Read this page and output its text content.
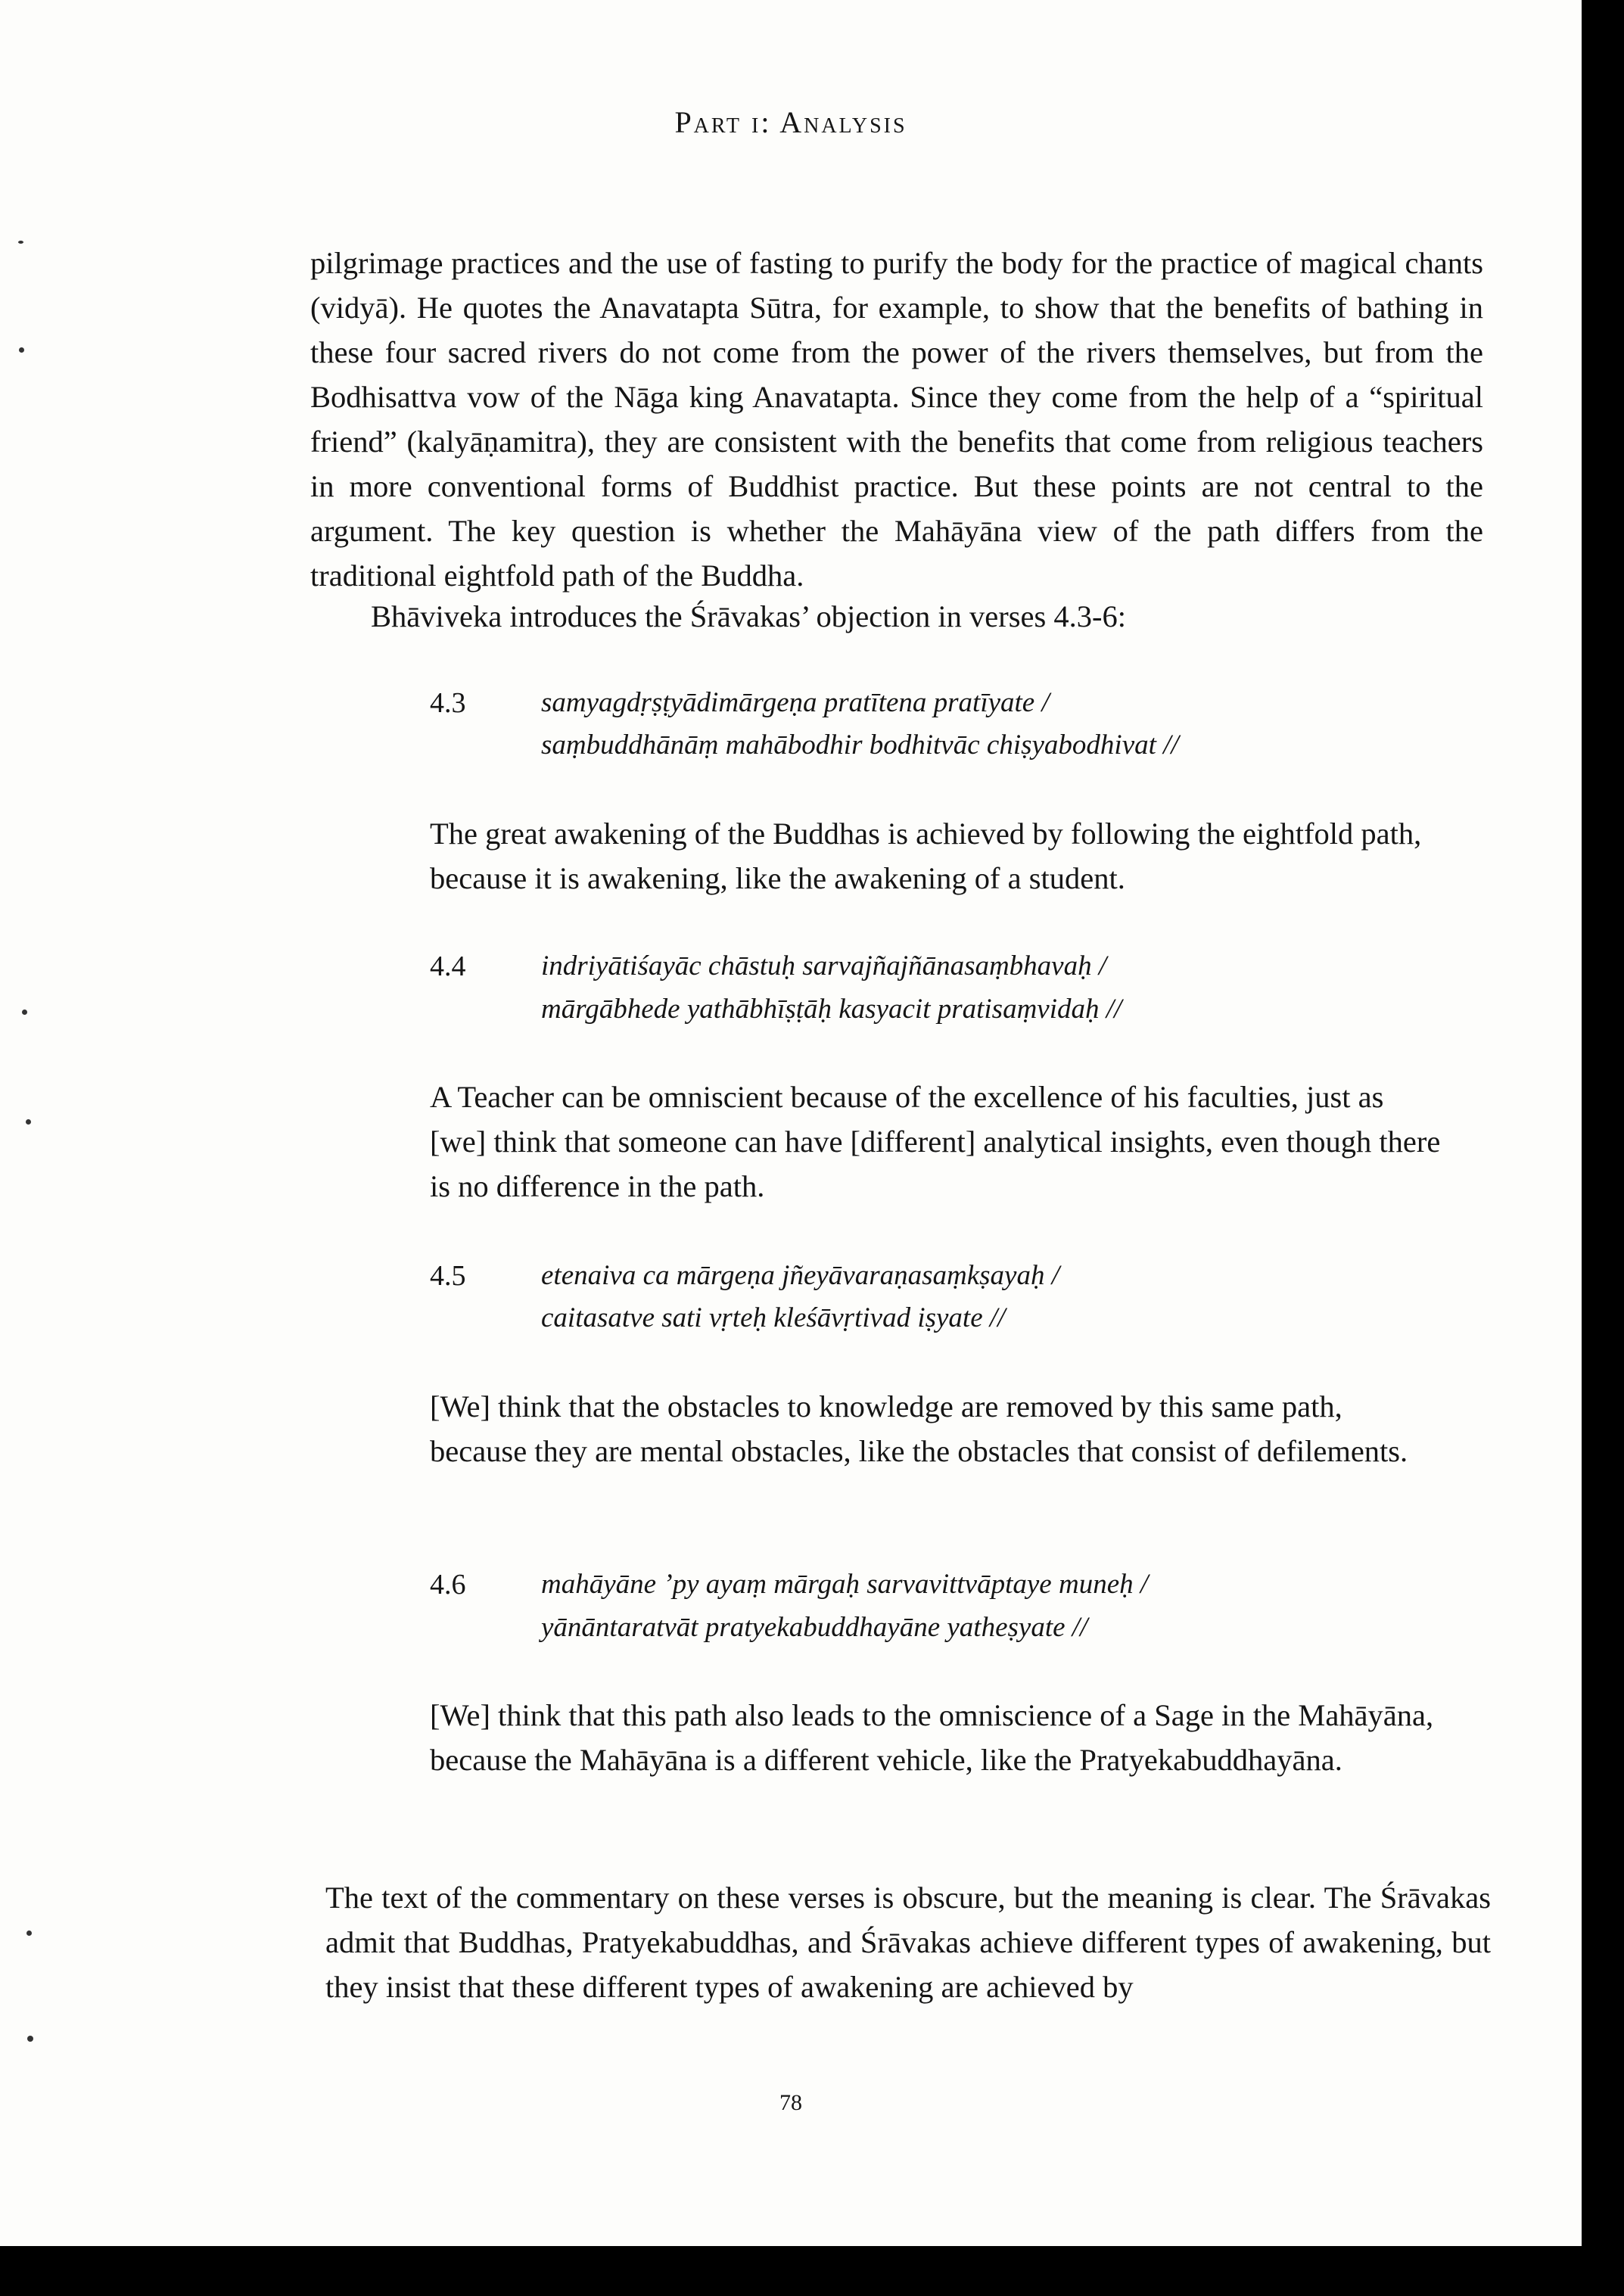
Part i: Analysis
pilgrimage practices and the use of fasting to purify the body for the practice of magical chants (vidyā). He quotes the Anavatapta Sūtra, for example, to show that the benefits of bathing in these four sacred rivers do not come from the power of the rivers themselves, but from the Bodhisattva vow of the Nāga king Anavatapta. Since they come from the help of a “spiritual friend” (kalyāṇamitra), they are consistent with the benefits that come from religious teachers in more conventional forms of Buddhist practice. But these points are not central to the argument. The key question is whether the Mahāyāna view of the path differs from the traditional eightfold path of the Buddha.
Bhāviveka introduces the Śrāvakas’ objection in verses 4.3-6:
4.3	samyagdṛṣṭyādimārgeṇa pratītena pratīyate /
saṃbuddhānāṃ mahābodhir bodhitvāc chiṣyabodhivat //
The great awakening of the Buddhas is achieved by following the eightfold path, because it is awakening, like the awakening of a student.
4.4	indriyātiśayāc chāstuḥ sarvajñajñānasaṃbhavaḥ /
mārgābhede yathābhīṣṭāḥ kasyacit pratisaṃvidaḥ //
A Teacher can be omniscient because of the excellence of his faculties, just as [we] think that someone can have [different] analytical insights, even though there is no difference in the path.
4.5	etenaiva ca mārgeṇa jñeyāvaraṇasaṃkṣayaḥ /
caitasatve sati vṛteḥ kleśāvṛtivad iṣyate //
[We] think that the obstacles to knowledge are removed by this same path, because they are mental obstacles, like the obstacles that consist of defilements.
4.6	mahāyāne ’py ayaṃ mārgaḥ sarvavittvāptaye muneḥ /
yānāntaratvāt pratyekabuddhayāne yatheṣyate //
[We] think that this path also leads to the omniscience of a Sage in the Mahāyāna, because the Mahāyāna is a different vehicle, like the Pratyekabuddhayāna.
The text of the commentary on these verses is obscure, but the meaning is clear. The Śrāvakas admit that Buddhas, Pratyekabuddhas, and Śrāvakas achieve different types of awakening, but they insist that these different types of awakening are achieved by
78
